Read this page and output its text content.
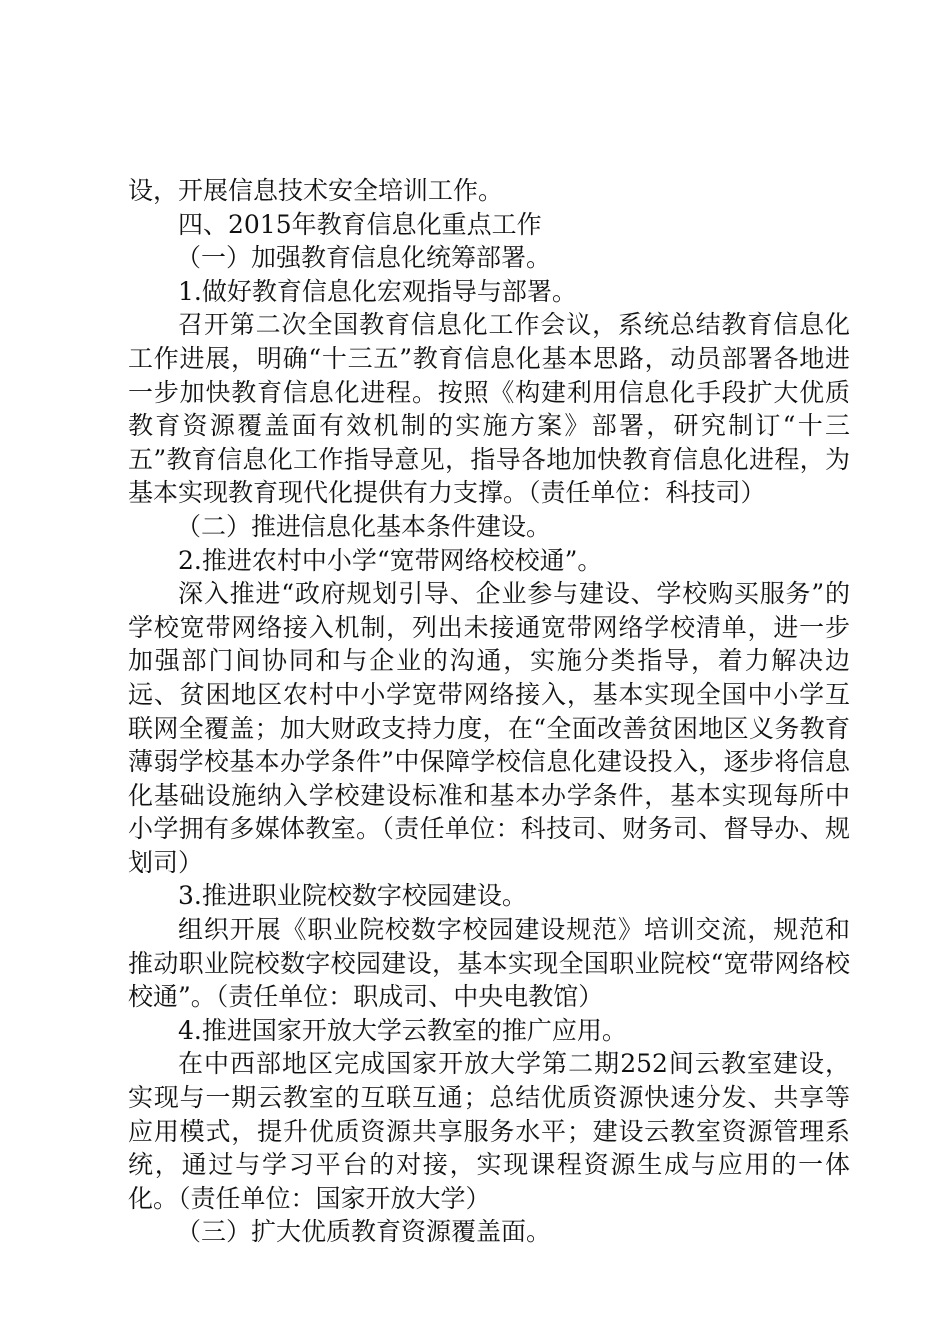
设，开展信息技术安全培训工作。

四、2015年教育信息化重点工作

（一）加强教育信息化统筹部署。

1.做好教育信息化宏观指导与部署。

召开第二次全国教育信息化工作会议，系统总结教育信息化工作进展，明确“十三五”教育信息化基本思路，动员部署各地进一步加快教育信息化进程。按照《构建利用信息化手段扩大优质教育资源覆盖面有效机制的实施方案》部署，研究制订“十三五”教育信息化工作指导意见，指导各地加快教育信息化进程，为基本实现教育现代化提供有力支撑。（责任单位：科技司）

（二）推进信息化基本条件建设。

2.推进农村中小学“宽带网络校校通”。

深入推进“政府规划引导、企业参与建设、学校购买服务”的学校宽带网络接入机制，列出未接通宽带网络学校清单，进一步加强部门间协同和与企业的沟通，实施分类指导，着力解决边远、贫困地区农村中小学宽带网络接入，基本实现全国中小学互联网全覆盖；加大财政支持力度，在“全面改善贫困地区义务教育薄弱学校基本办学条件”中保障学校信息化建设投入，逐步将信息化基础设施纳入学校建设标准和基本办学条件，基本实现每所中小学拥有多媒体教室。（责任单位：科技司、财务司、督导办、规划司）

3.推进职业院校数字校园建设。

组织开展《职业院校数字校园建设规范》培训交流，规范和推动职业院校数字校园建设，基本实现全国职业院校“宽带网络校校通”。（责任单位：职成司、中央电教馆）

4.推进国家开放大学云教室的推广应用。

在中西部地区完成国家开放大学第二期252间云教室建设，实现与一期云教室的互联互通；总结优质资源快速分发、共享等应用模式，提升优质资源共享服务水平；建设云教室资源管理系统，通过与学习平台的对接，实现课程资源生成与应用的一体化。（责任单位：国家开放大学）

（三）扩大优质教育资源覆盖面。
